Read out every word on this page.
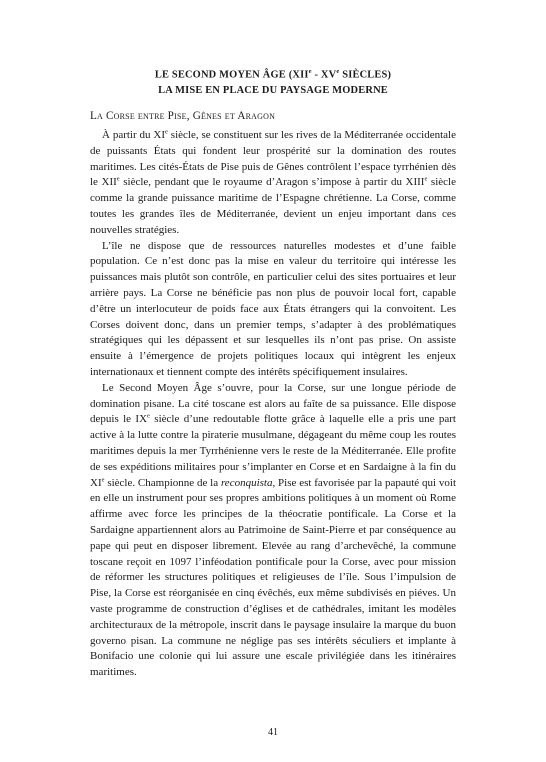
LE SECOND MOYEN ÂGE (XIIe - XVe SIÈCLES)
LA MISE EN PLACE DU PAYSAGE MODERNE
La Corse entre Pise, Gênes et Aragon

À partir du XIe siècle, se constituent sur les rives de la Méditerranée occidentale de puissants États qui fondent leur prospérité sur la domination des routes maritimes. Les cités-États de Pise puis de Gênes contrôlent l’espace tyrrhénien dès le XIIe siècle, pendant que le royaume d’Aragon s’impose à partir du XIIIe siècle comme la grande puissance maritime de l’Espagne chrétienne. La Corse, comme toutes les grandes îles de Méditerranée, devient un enjeu important dans ces nouvelles stratégies.

L’île ne dispose que de ressources naturelles modestes et d’une faible population. Ce n’est donc pas la mise en valeur du territoire qui intéresse les puissances mais plutôt son contrôle, en particulier celui des sites portuaires et leur arrière pays. La Corse ne bénéficie pas non plus de pouvoir local fort, capable d’être un interlocuteur de poids face aux États étrangers qui la convoitent. Les Corses doivent donc, dans un premier temps, s’adapter à des problématiques stratégiques qui les dépassent et sur lesquelles ils n’ont pas prise. On assiste ensuite à l’émergence de projets politiques locaux qui intègrent les enjeux internationaux et tiennent compte des intérêts spécifiquement insulaires.

Le Second Moyen Âge s’ouvre, pour la Corse, sur une longue période de domination pisane. La cité toscane est alors au faîte de sa puissance. Elle dispose depuis le IXe siècle d’une redoutable flotte grâce à laquelle elle a pris une part active à la lutte contre la piraterie musulmane, dégageant du même coup les routes maritimes depuis la mer Tyrrhénienne vers le reste de la Méditerranée. Elle profite de ses expéditions militaires pour s’implanter en Corse et en Sardaigne à la fin du XIe siècle. Championne de la reconquista, Pise est favorisée par la papauté qui voit en elle un instrument pour ses propres ambitions politiques à un moment où Rome affirme avec force les principes de la théocratie pontificale. La Corse et la Sardaigne appartiennent alors au Patrimoine de Saint-Pierre et par conséquence au pape qui peut en disposer librement. Elevée au rang d’archevêché, la commune toscane reçoit en 1097 l’inféodation pontificale pour la Corse, avec pour mission de réformer les structures politiques et religieuses de l’île. Sous l’impulsion de Pise, la Corse est réorganisée en cinq évêchés, eux même subdivisés en piéves. Un vaste programme de construction d’églises et de cathédrales, imitant les modèles architecturaux de la métropole, inscrit dans le paysage insulaire la marque du buon governo pisan. La commune ne néglige pas ses intérêts séculiers et implante à Bonifacio une colonie qui lui assure une escale privilégiée dans les itinéraires maritimes.

41
